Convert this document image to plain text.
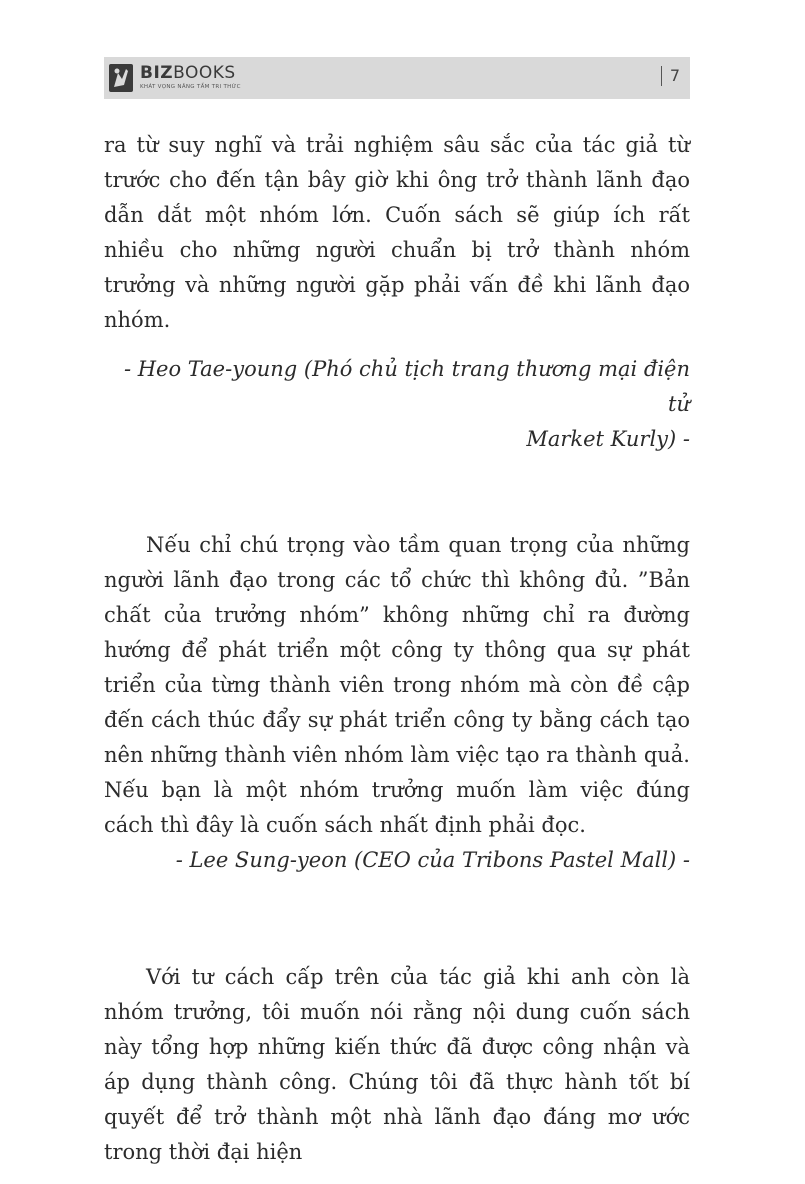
BIZBOOKS
KHÁT VỌNG NÂNG TẦM TRI THỨC
7

ra từ suy nghĩ và trải nghiệm sâu sắc của tác giả từ trước cho đến tận bây giờ khi ông trở thành lãnh đạo dẫn dắt một nhóm lớn. Cuốn sách sẽ giúp ích rất nhiều cho những người chuẩn bị trở thành nhóm trưởng và những người gặp phải vấn đề khi lãnh đạo nhóm.

- Heo Tae-young (Phó chủ tịch trang thương mại điện tử

Market Kurly) -

Nếu chỉ chú trọng vào tầm quan trọng của những người lãnh đạo trong các tổ chức thì không đủ. ”Bản chất của trưởng nhóm” không những chỉ ra đường hướng để phát triển một công ty thông qua sự phát triển của từng thành viên trong nhóm mà còn đề cập đến cách thúc đẩy sự phát triển công ty bằng cách tạo nên những thành viên nhóm làm việc tạo ra thành quả. Nếu bạn là một nhóm trưởng muốn làm việc đúng cách thì đây là cuốn sách nhất định phải đọc.

- Lee Sung-yeon (CEO của Tribons Pastel Mall) -

Với tư cách cấp trên của tác giả khi anh còn là nhóm trưởng, tôi muốn nói rằng nội dung cuốn sách này tổng hợp những kiến thức đã được công nhận và áp dụng thành công. Chúng tôi đã thực hành tốt bí quyết để trở thành một nhà lãnh đạo đáng mơ ước trong thời đại hiện
